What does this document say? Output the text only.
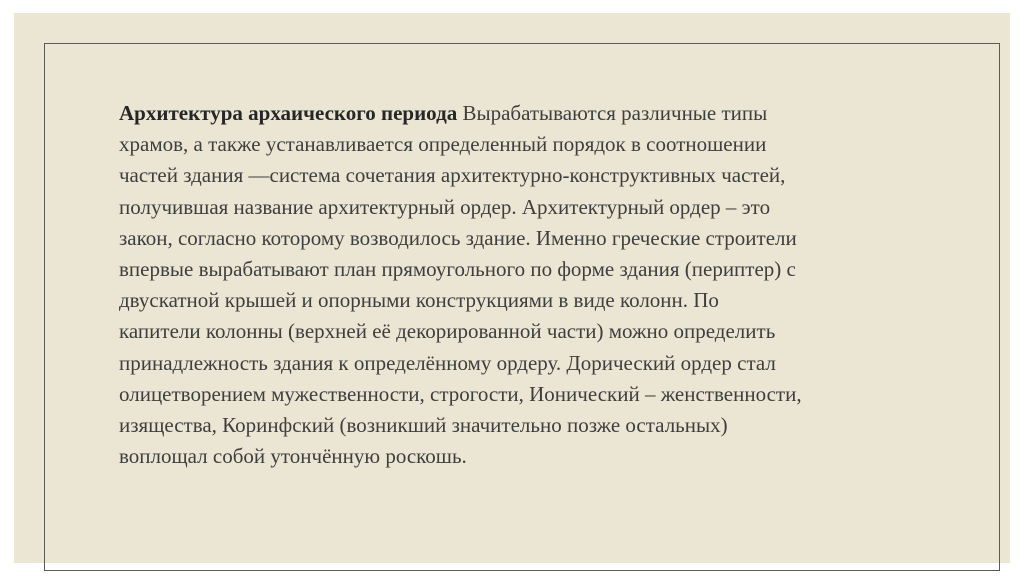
Архитектура архаического периода Вырабатываются различные типы
храмов, а также устанавливается определенный порядок в соотношении
частей здания —система сочетания архитектурно-конструктивных частей,
получившая название архитектурный ордер. Архитектурный ордер – это
закон, согласно которому возводилось здание. Именно греческие строители
впервые вырабатывают план прямоугольного по форме здания (периптер) с
двускатной крышей и опорными конструкциями в виде колонн. По
капители колонны (верхней её декорированной части) можно определить
принадлежность здания к определённому ордеру. Дорический ордер стал
олицетворением мужественности, строгости, Ионический – женственности,
изящества, Коринфский (возникший значительно позже остальных)
воплощал собой утончённую роскошь.
